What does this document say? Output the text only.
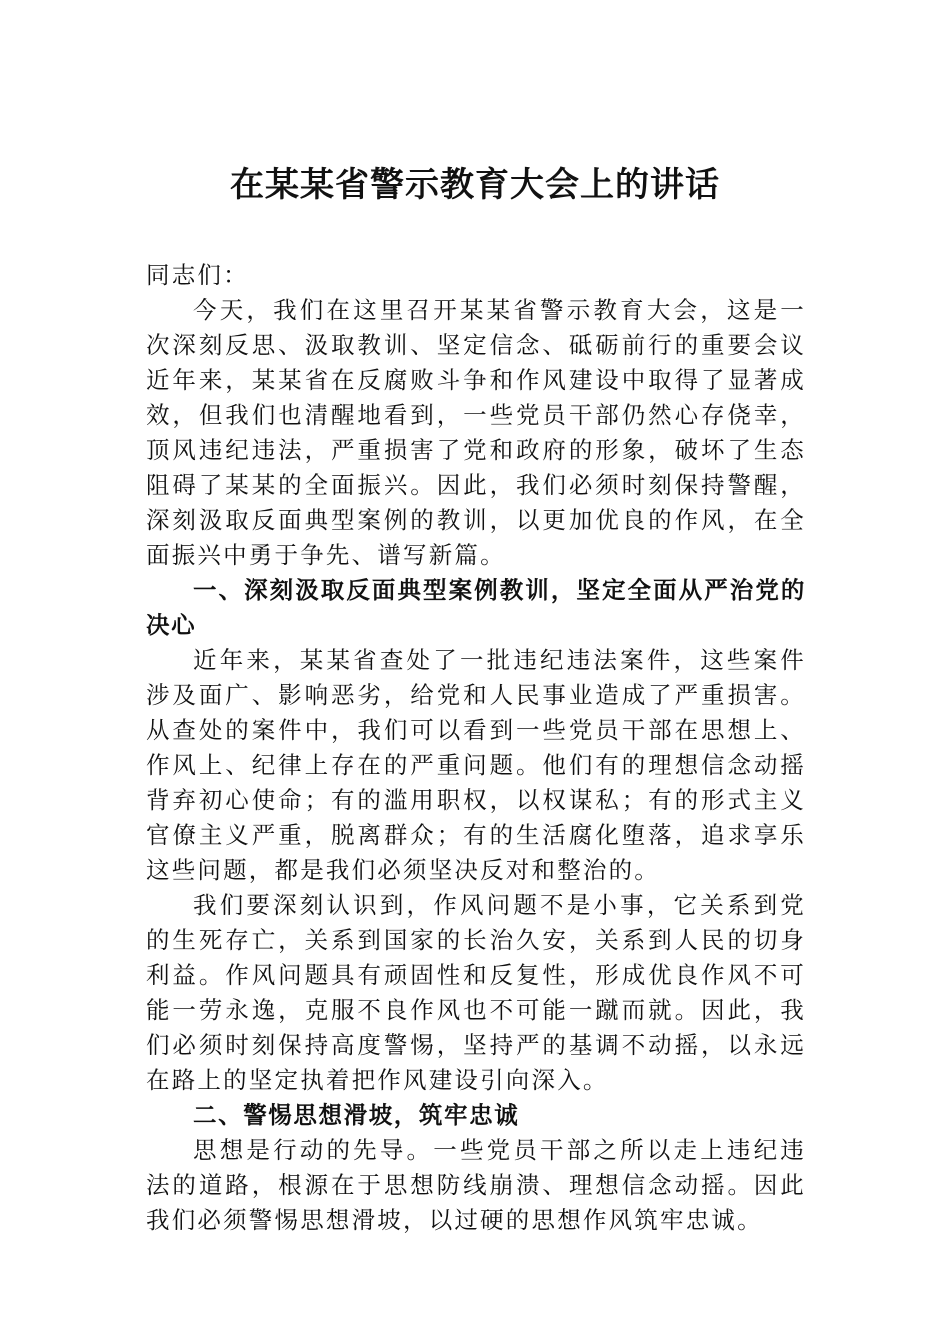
在某某省警示教育大会上的讲话

同志们：

今天，我们在这里召开某某省警示教育大会，这是一次深刻反思、汲取教训、坚定信念、砥砺前行的重要会议近年来，某某省在反腐败斗争和作风建设中取得了显著成效，但我们也清醒地看到，一些党员干部仍然心存侥幸，顶风违纪违法，严重损害了党和政府的形象，破坏了生态阻碍了某某的全面振兴。因此，我们必须时刻保持警醒，深刻汲取反面典型案例的教训，以更加优良的作风，在全面振兴中勇于争先、谱写新篇。

一、深刻汲取反面典型案例教训，坚定全面从严治党的决心

近年来，某某省查处了一批违纪违法案件，这些案件涉及面广、影响恶劣，给党和人民事业造成了严重损害。从查处的案件中，我们可以看到一些党员干部在思想上、作风上、纪律上存在的严重问题。他们有的理想信念动摇背弃初心使命；有的滥用职权，以权谋私；有的形式主义官僚主义严重，脱离群众；有的生活腐化堕落，追求享乐这些问题，都是我们必须坚决反对和整治的。

我们要深刻认识到，作风问题不是小事，它关系到党的生死存亡，关系到国家的长治久安，关系到人民的切身利益。作风问题具有顽固性和反复性，形成优良作风不可能一劳永逸，克服不良作风也不可能一蹴而就。因此，我们必须时刻保持高度警惕，坚持严的基调不动摇，以永远在路上的坚定执着把作风建设引向深入。

二、警惕思想滑坡，筑牢忠诚

思想是行动的先导。一些党员干部之所以走上违纪违法的道路，根源在于思想防线崩溃、理想信念动摇。因此我们必须警惕思想滑坡，以过硬的思想作风筑牢忠诚。
